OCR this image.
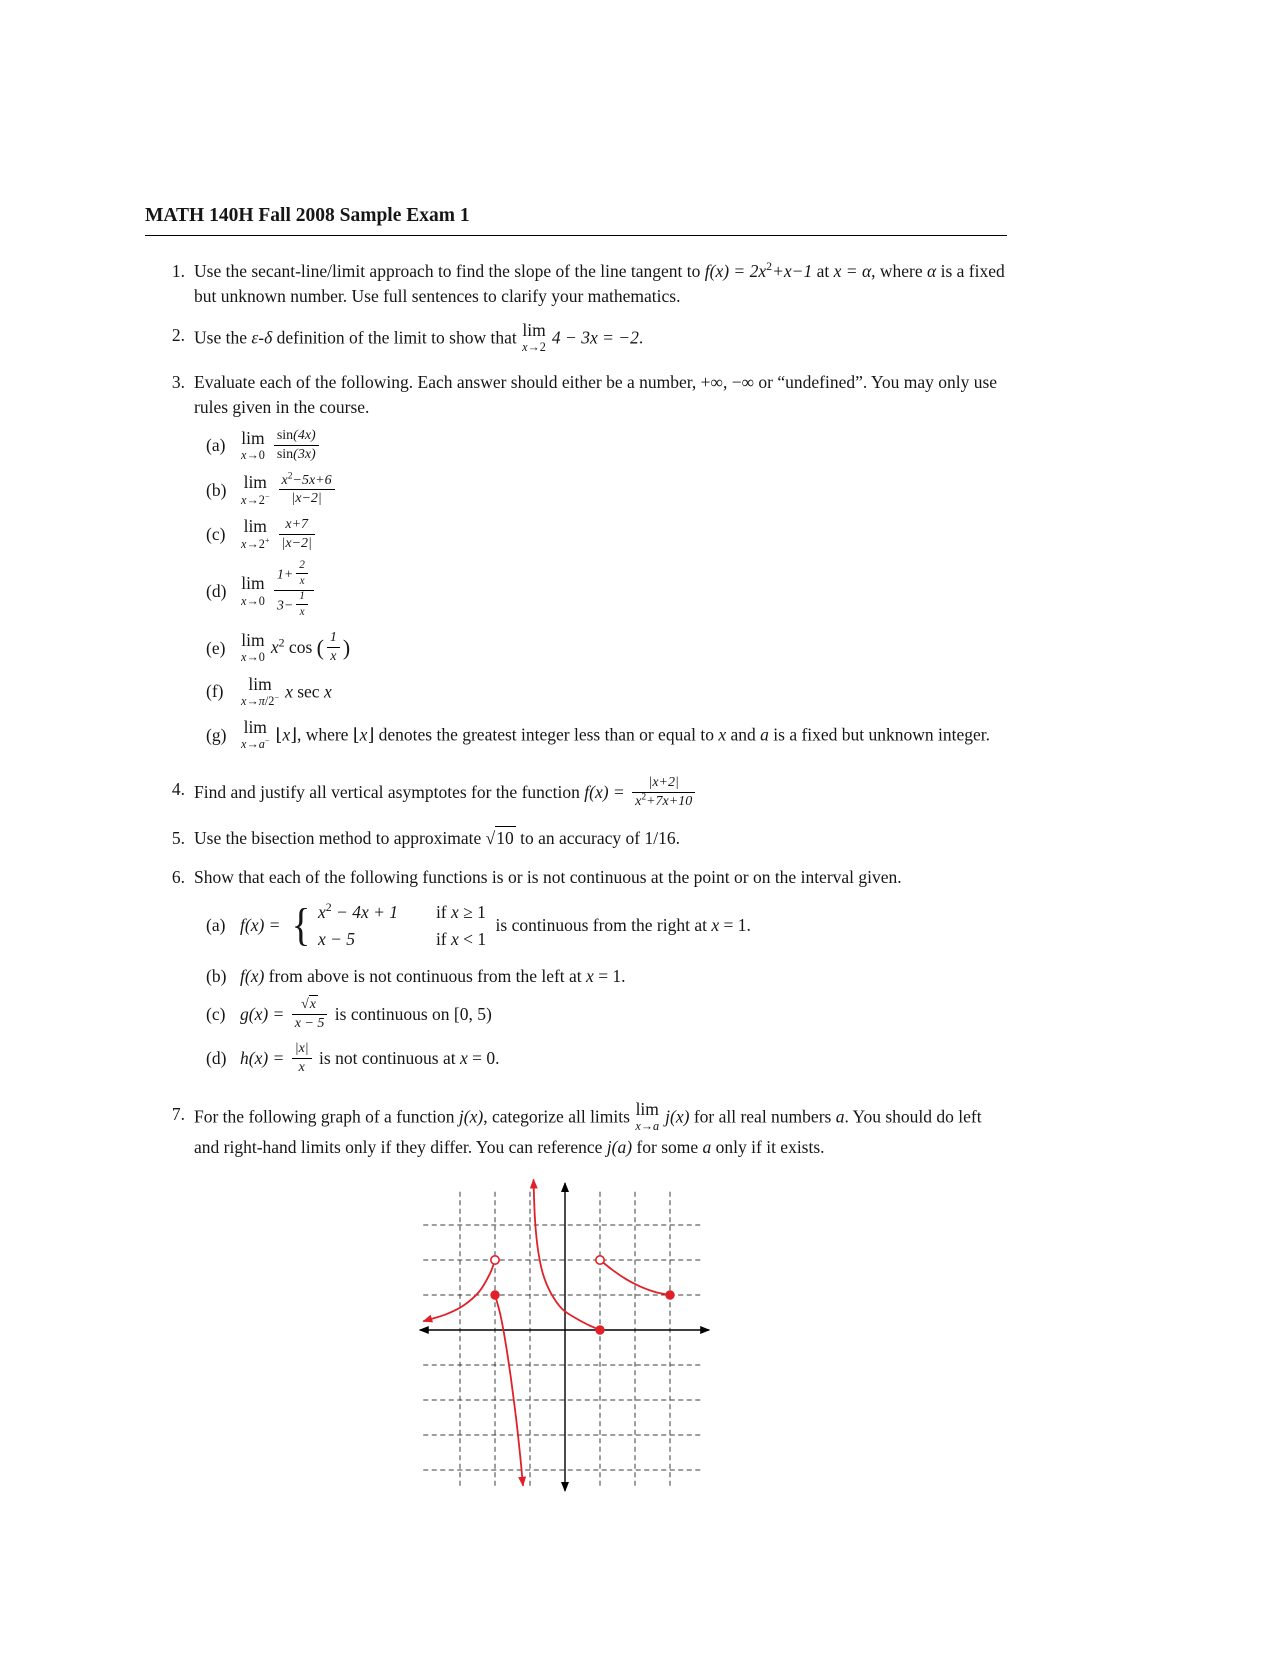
MATH 140H Fall 2008 Sample Exam 1
1. Use the secant-line/limit approach to find the slope of the line tangent to $f(x) = 2x^2+x-1$ at x = α, where α is a fixed but unknown number. Use full sentences to clarify your mathematics.
2. Use the ε-δ definition of the limit to show that lim
x→2 4 − 3x = −2.
3. Evaluate each of the following. Each answer should either be a number, +∞, −∞ or “undefined”. You may only use rules given in the course.
(a) lim
$x\to 0 \frac{\sin(4x)}{\sin(3x)}$
(b) lim
$x\to 2^- \frac{x^2-5x+6}{|x-2|}$
(c)	lim
$x\to 2^+ \frac{x+7}{|x-2|}$
(d) lim
$x\to 0 \frac{1+ \frac{2}{x}}{3- \frac{1}{x}}$
(e) lim
x→0 $x^2$ cos ( $\frac{1}{x}$ )
(f)	lim
x→π/2− x sec x
(g) lim
x→a− ⌊x⌋, where ⌊x⌋ denotes the greatest integer less than or equal to x and a is a fixed but unknown integer.
4. Find and justify all vertical asymptotes for the function $f(x) = \frac{|x+2|}{x^2+7x+10}$
5. Use the bisection method to approximate √10 to an accuracy of 1/16.
6. Show that each of the following functions is or is not continuous at the point or on the interval given.
(a) f(x) = { $x^2 - 4x + 1$ if x ≥ 1
x − 5	if x < 1
is continuous from the right at x = 1.
(b) f(x) from above is not continuous from the left at x = 1.
(c) $g(x) = \frac{√x}{x - 5}$ is continuous on [0, 5)
(d) $h(x) = \frac{|x|}{x}$ is not continuous at x = 0.
7. For the following graph of a function j(x), categorize all limits lim
x→a j(x) for all real numbers a. You should do left and right-hand limits only if they differ. You can reference j(a) for some a only if it exists.
